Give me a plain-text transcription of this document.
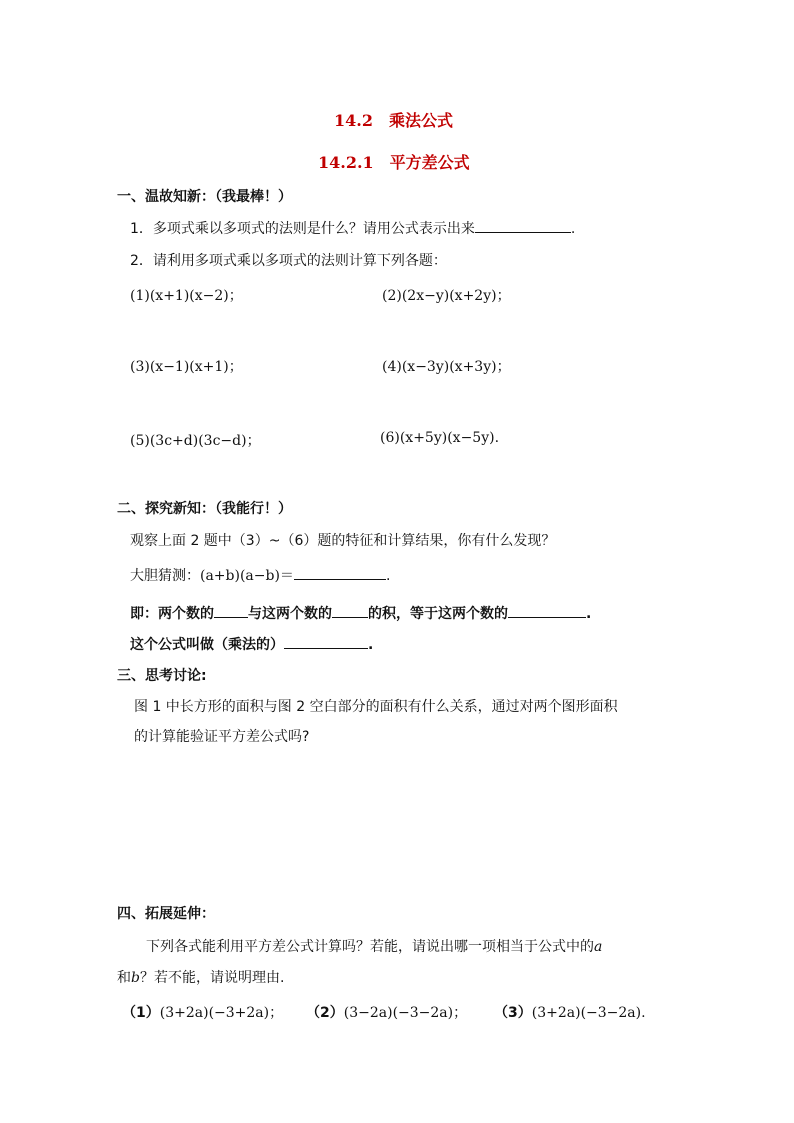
14.2　乘法公式
14.2.1　平方差公式
一、温故知新：（我最棒！）
1．多项式乘以多项式的法则是什么？请用公式表示出来	.
2．请利用多项式乘以多项式的法则计算下列各题：
(1)(x+1)(x−2)；	(2)(2x−y)(x+2y)；
(3)(x−1)(x+1)；	(4)(x−3y)(x+3y)；
(5)(3c+d)(3c−d)；	(6)(x+5y)(x−5y).
二、探究新知：（我能行！）
观察上面 2 题中（3）~（6）题的特征和计算结果，你有什么发现？
大胆猜测：(a+b)(a−b)＝	.
即：两个数的 与这两个数的	的积，等于这两个数的	.
这个公式叫做（乘法的）	.
三、思考讨论:
图 1 中长方形的面积与图 2 空白部分的面积有什么关系，通过对两个图形面积
的计算能验证平方差公式吗?
四、拓展延伸：
下列各式能利用平方差公式计算吗？若能，请说出哪一项相当于公式中的a
和b？若不能，请说明理由.
（1）(3+2a)(−3+2a)； （2）(3−2a)(−3−2a)； （3）(3+2a)(−3−2a).
